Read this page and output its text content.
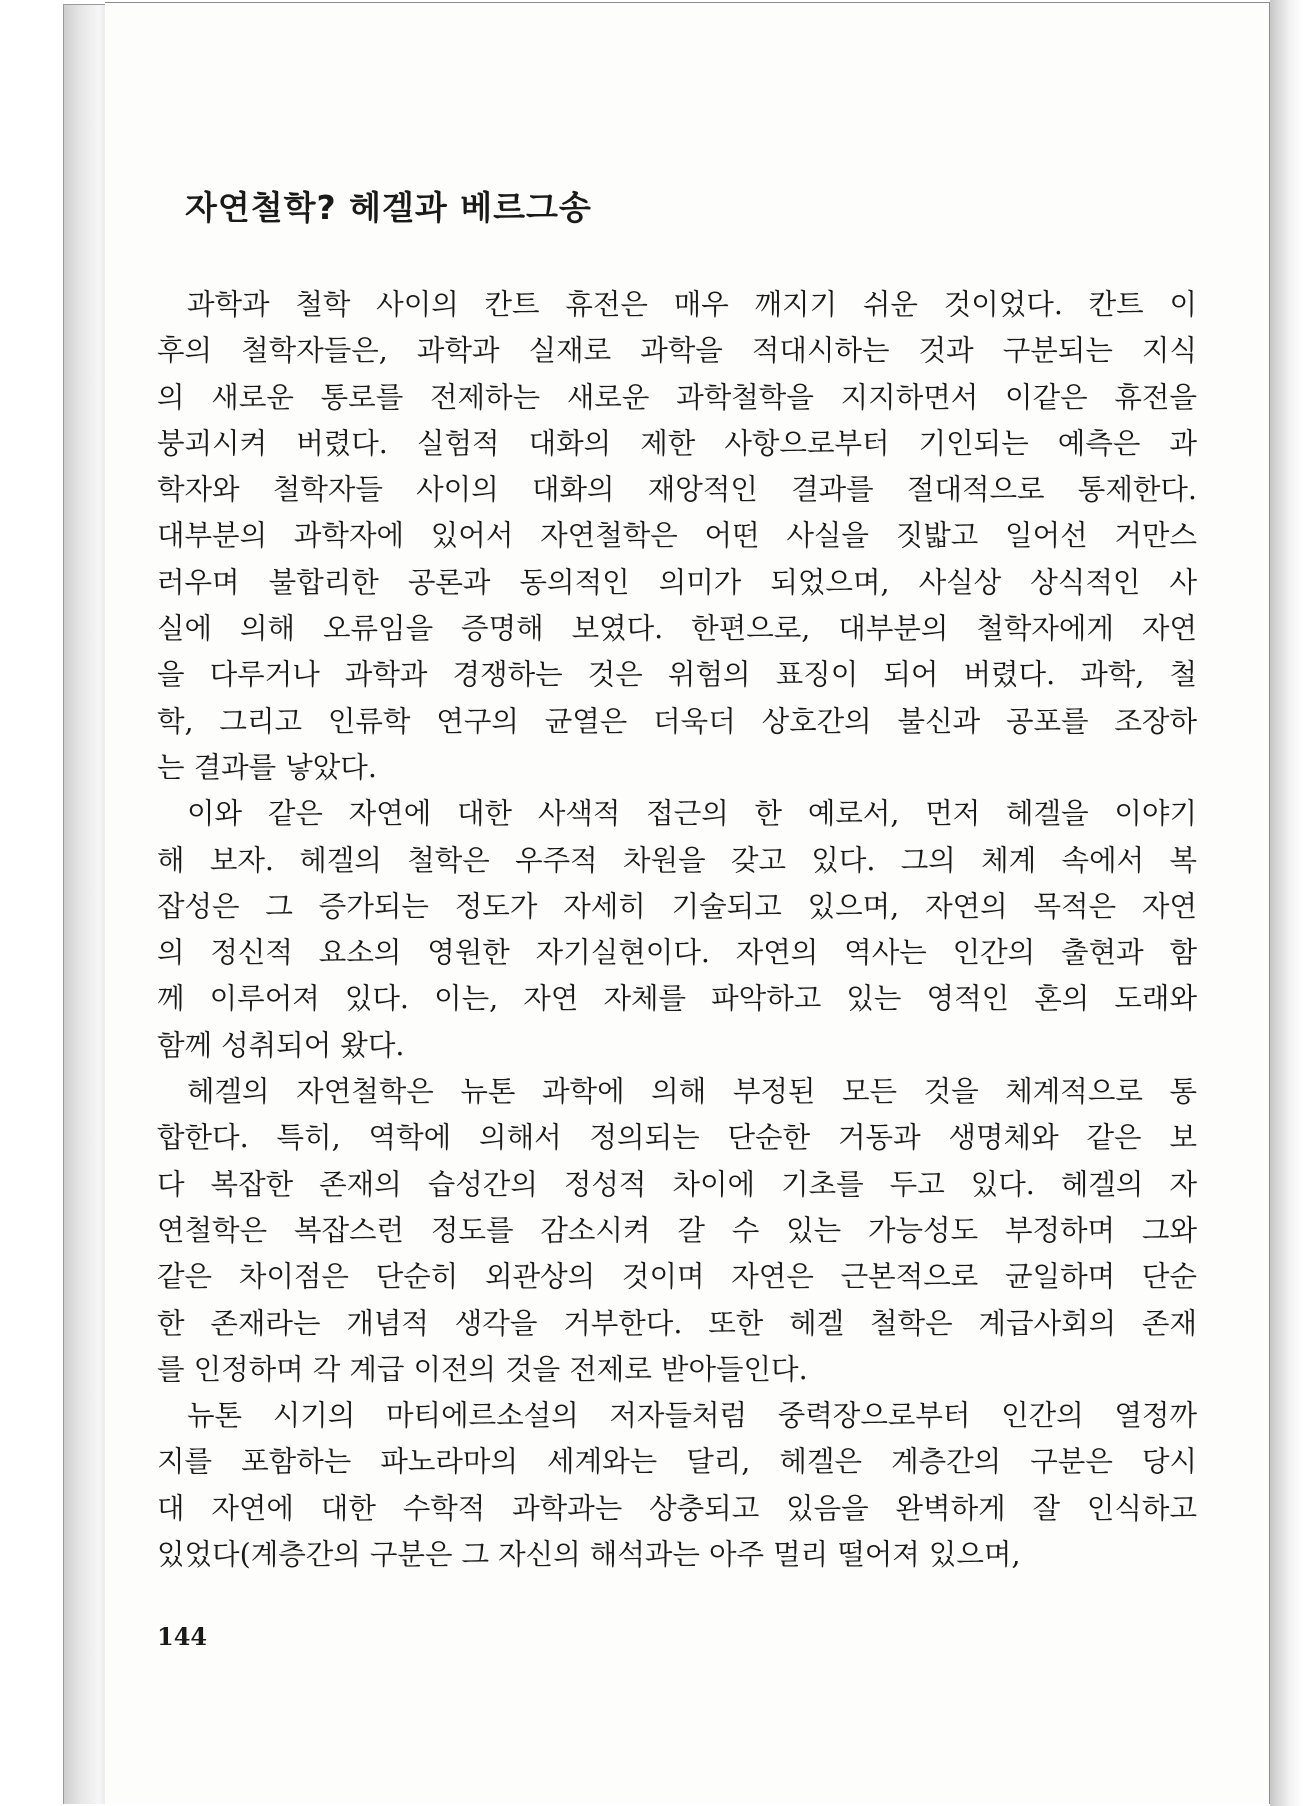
자연철학? 헤겔과 베르그송
과학과 철학 사이의 칸트 휴전은 매우 깨지기 쉬운 것이었다. 칸트 이
후의 철학자들은, 과학과 실재로 과학을 적대시하는 것과 구분되는 지식
의 새로운 통로를 전제하는 새로운 과학철학을 지지하면서 이같은 휴전을
붕괴시켜 버렸다. 실험적 대화의 제한 사항으로부터 기인되는 예측은 과
학자와 철학자들 사이의 대화의 재앙적인 결과를 절대적으로 통제한다.
대부분의 과학자에 있어서 자연철학은 어떤 사실을 짓밟고 일어선 거만스
러우며 불합리한 공론과 동의적인 의미가 되었으며, 사실상 상식적인 사
실에 의해 오류임을 증명해 보였다. 한편으로, 대부분의 철학자에게 자연
을 다루거나 과학과 경쟁하는 것은 위험의 표징이 되어 버렸다. 과학, 철
학, 그리고 인류학 연구의 균열은 더욱더 상호간의 불신과 공포를 조장하
는 결과를 낳았다.
이와 같은 자연에 대한 사색적 접근의 한 예로서, 먼저 헤겔을 이야기
해 보자. 헤겔의 철학은 우주적 차원을 갖고 있다. 그의 체계 속에서 복
잡성은 그 증가되는 정도가 자세히 기술되고 있으며, 자연의 목적은 자연
의 정신적 요소의 영원한 자기실현이다. 자연의 역사는 인간의 출현과 함
께 이루어져 있다. 이는, 자연 자체를 파악하고 있는 영적인 혼의 도래와
함께 성취되어 왔다.
헤겔의 자연철학은 뉴톤 과학에 의해 부정된 모든 것을 체계적으로 통
합한다. 특히, 역학에 의해서 정의되는 단순한 거동과 생명체와 같은 보
다 복잡한 존재의 습성간의 정성적 차이에 기초를 두고 있다. 헤겔의 자
연철학은 복잡스런 정도를 감소시켜 갈 수 있는 가능성도 부정하며 그와
같은 차이점은 단순히 외관상의 것이며 자연은 근본적으로 균일하며 단순
한 존재라는 개념적 생각을 거부한다. 또한 헤겔 철학은 계급사회의 존재
를 인정하며 각 계급 이전의 것을 전제로 받아들인다.
뉴톤 시기의 마티에르소설의 저자들처럼 중력장으로부터 인간의 열정까
지를 포함하는 파노라마의 세계와는 달리, 헤겔은 계층간의 구분은 당시
대 자연에 대한 수학적 과학과는 상충되고 있음을 완벽하게 잘 인식하고
있었다(계층간의 구분은 그 자신의 해석과는 아주 멀리 떨어져 있으며,
144
